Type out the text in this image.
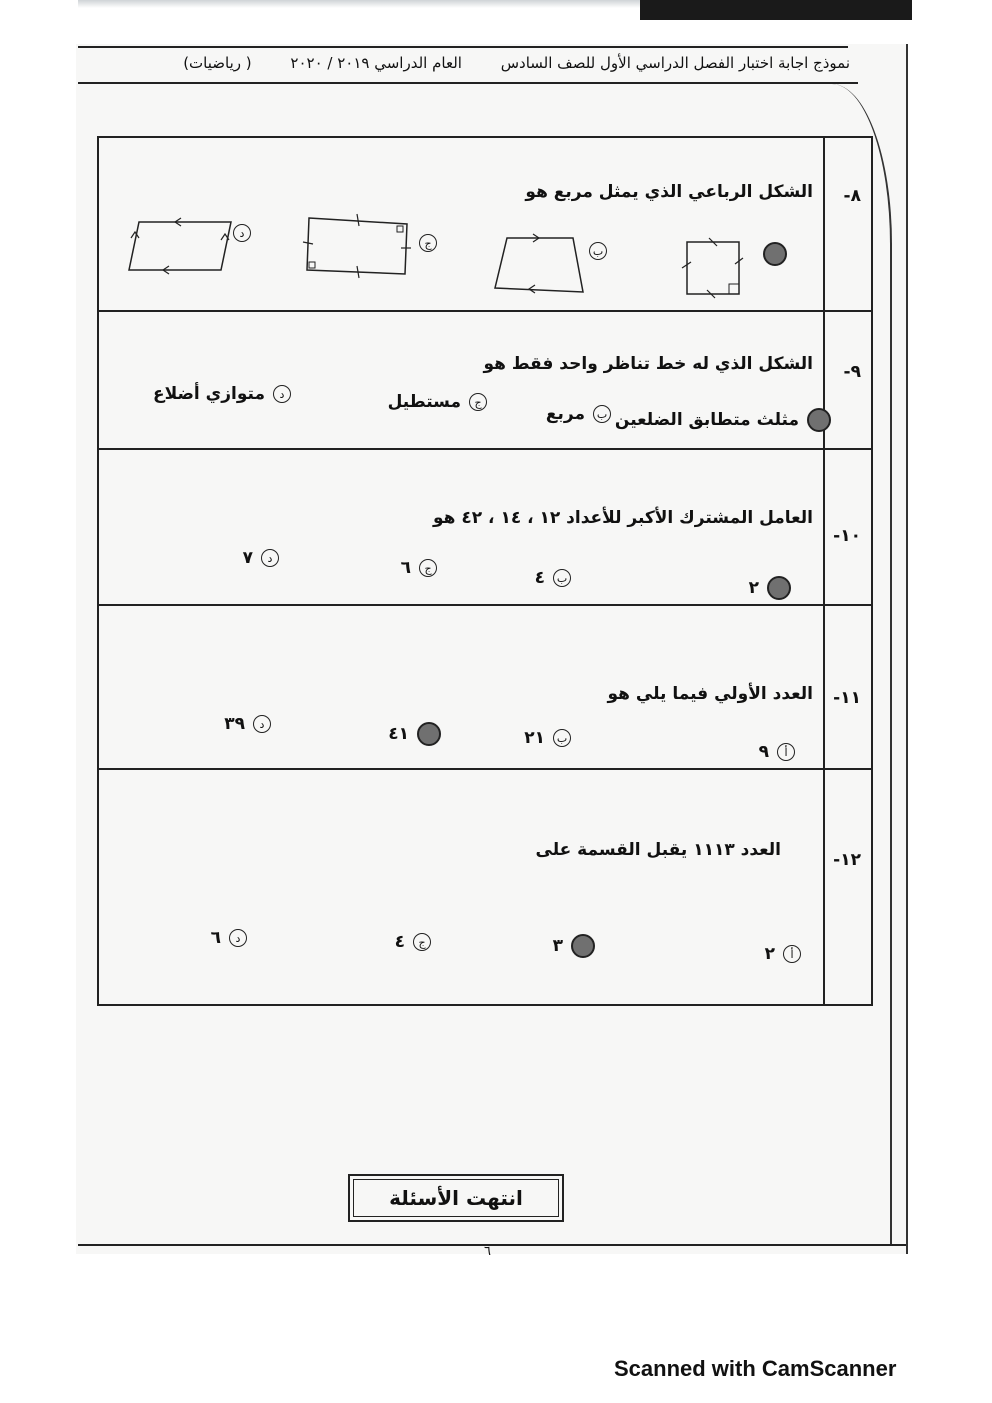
نموذج اجابة اختبار الفصل الدراسي الأول للصف السادس العام الدراسي ٢٠١٩ / ٢٠٢٠ ( رياضيات)
-٨
الشكل الرباعي الذي يمثل مربع هو
ب
ج
د
-٩
الشكل الذي له خط تناظر واحد فقط هو
مثلث متطابق الضلعين
ب
مربع
ج
مستطيل
د
متوازي أضلاع
-١٠
العامل المشترك الأكبر للأعداد ١٢ ، ١٤ ، ٤٢ هو
٢
ب
٤
ج
٦
د
٧
-١١
العدد الأولي فيما يلي هو
أ
٩
ب
٢١
٤١
د
٣٩
-١٢
العدد ١١١٣ يقبل القسمة على
أ
٢
٣
ج
٤
د
٦
انتهت الأسئلة
٦
Scanned with CamScanner
